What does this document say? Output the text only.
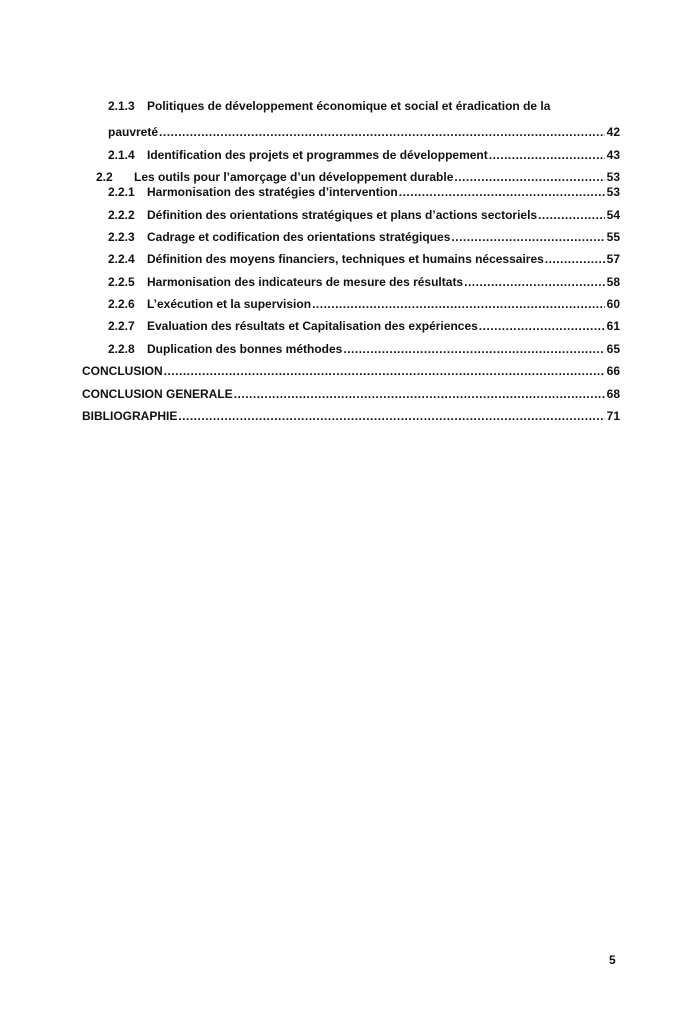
2.1.3 Politiques de développement économique et social et éradication de la
pauvreté .....	42
2.1.4 Identification des projets et programmes de développement .....	43
2.2 Les outils pour l’amorçage d’un développement durable .....	53
2.2.1 Harmonisation des stratégies d’intervention .....	53
2.2.2 Définition des orientations stratégiques et plans d’actions sectoriels .....	54
2.2.3 Cadrage et codification des orientations stratégiques .....	55
2.2.4 Définition des moyens financiers, techniques et humains nécessaires .....	57
2.2.5 Harmonisation des indicateurs de mesure des résultats .....	58
2.2.6 L’exécution et la supervision .....	60
2.2.7 Evaluation des résultats et Capitalisation des expériences .....	61
2.2.8 Duplication des bonnes méthodes .....	65
CONCLUSION .....	66
CONCLUSION GENERALE .....	68
BIBLIOGRAPHIE .....	71
5
